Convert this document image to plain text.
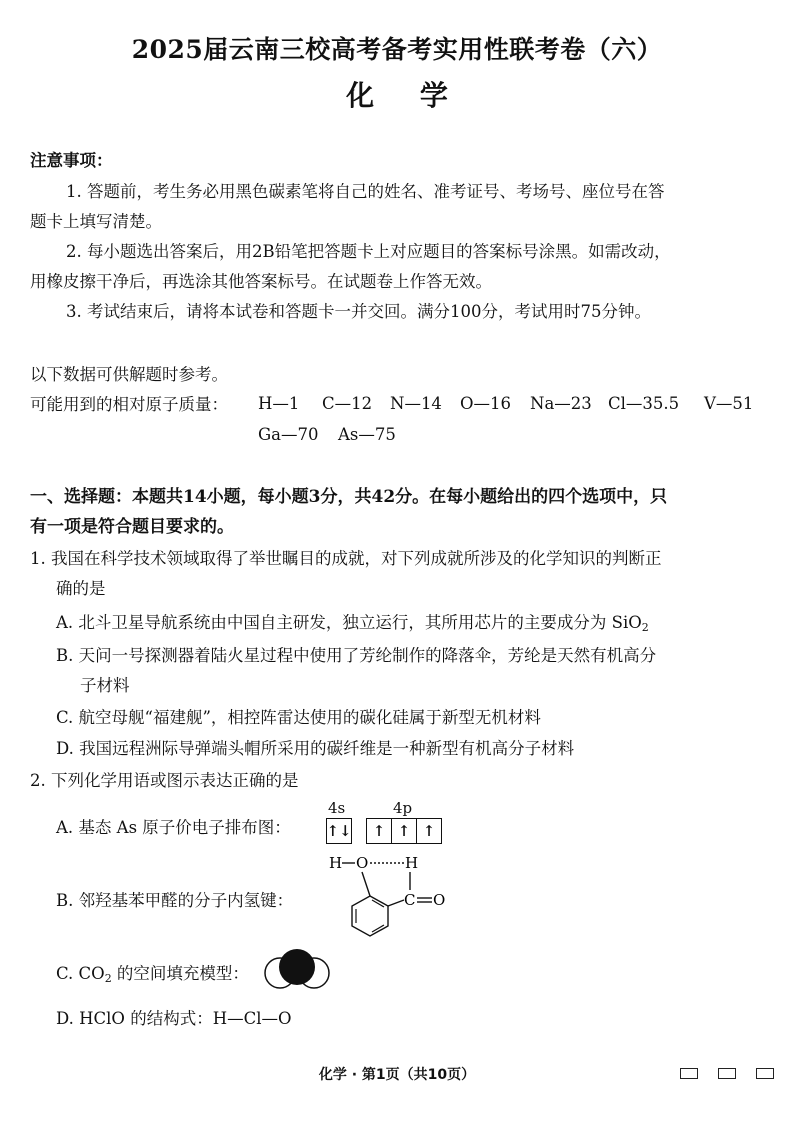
2025届云南三校高考备考实用性联考卷（六）
化 学
注意事项：
1. 答题前，考生务必用黑色碳素笔将自己的姓名、准考证号、考场号、座位号在答
题卡上填写清楚。
2. 每小题选出答案后，用2B铅笔把答题卡上对应题目的答案标号涂黑。如需改动，
用橡皮擦干净后，再选涂其他答案标号。在试题卷上作答无效。
3. 考试结束后，请将本试卷和答题卡一并交回。满分100分，考试用时75分钟。
以下数据可供解题时参考。
可能用到的相对原子质量： H—1 C—12 N—14 O—16 Na—23 Cl—35.5 V—51
Ga—70 As—75
一、选择题：本题共14小题，每小题3分，共42分。在每小题给出的四个选项中，只
有一项是符合题目要求的。
1. 我国在科学技术领域取得了举世瞩目的成就，对下列成就所涉及的化学知识的判断正
确的是
A. 北斗卫星导航系统由中国自主研发，独立运行，其所用芯片的主要成分为 SiO$_2$
B. 天问一号探测器着陆火星过程中使用了芳纶制作的降落伞，芳纶是天然有机高分
子材料
C. 航空母舰“福建舰”，相控阵雷达使用的碳化硅属于新型无机材料
D. 我国远程洲际导弹端头帽所采用的碳纤维是一种新型有机高分子材料
2. 下列化学用语或图示表达正确的是
A. 基态 As 原子价电子排布图：
4s	4p
↑↓	↑ ↑ ↑
B. 邻羟基苯甲醛的分子内氢键：
H O H
C O
C. $CO_2$ 的空间填充模型：
D. HClO 的结构式：H—Cl—O
化学 · 第1页（共10页）
